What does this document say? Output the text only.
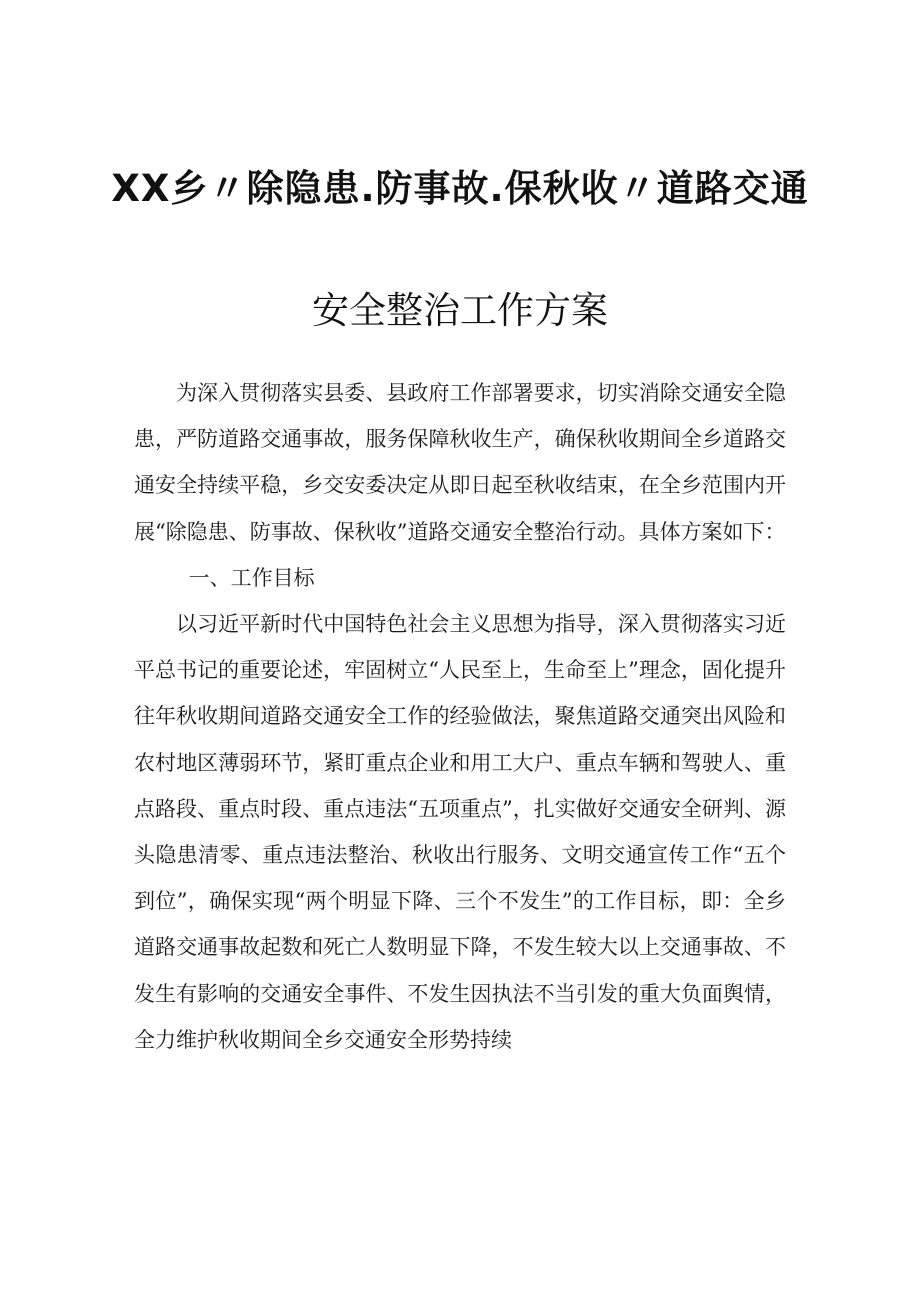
XX乡〃除隐患.防事故.保秋收〃道路交通
安全整治工作方案

为深入贯彻落实县委、县政府工作部署要求，切实消除交通安全隐患，严防道路交通事故，服务保障秋收生产，确保秋收期间全乡道路交通安全持续平稳，乡交安委决定从即日起至秋收结束，在全乡范围内开展“除隐患、防事故、保秋收”道路交通安全整治行动。具体方案如下：

一、工作目标

以习近平新时代中国特色社会主义思想为指导，深入贯彻落实习近平总书记的重要论述，牢固树立“人民至上，生命至上”理念，固化提升往年秋收期间道路交通安全工作的经验做法，聚焦道路交通突出风险和农村地区薄弱环节，紧盯重点企业和用工大户、重点车辆和驾驶人、重点路段、重点时段、重点违法“五项重点”，扎实做好交通安全研判、源头隐患清零、重点违法整治、秋收出行服务、文明交通宣传工作“五个到位”，确保实现“两个明显下降、三个不发生”的工作目标，即：全乡道路交通事故起数和死亡人数明显下降，不发生较大以上交通事故、不发生有影响的交通安全事件、不发生因执法不当引发的重大负面舆情，全力维护秋收期间全乡交通安全形势持续
